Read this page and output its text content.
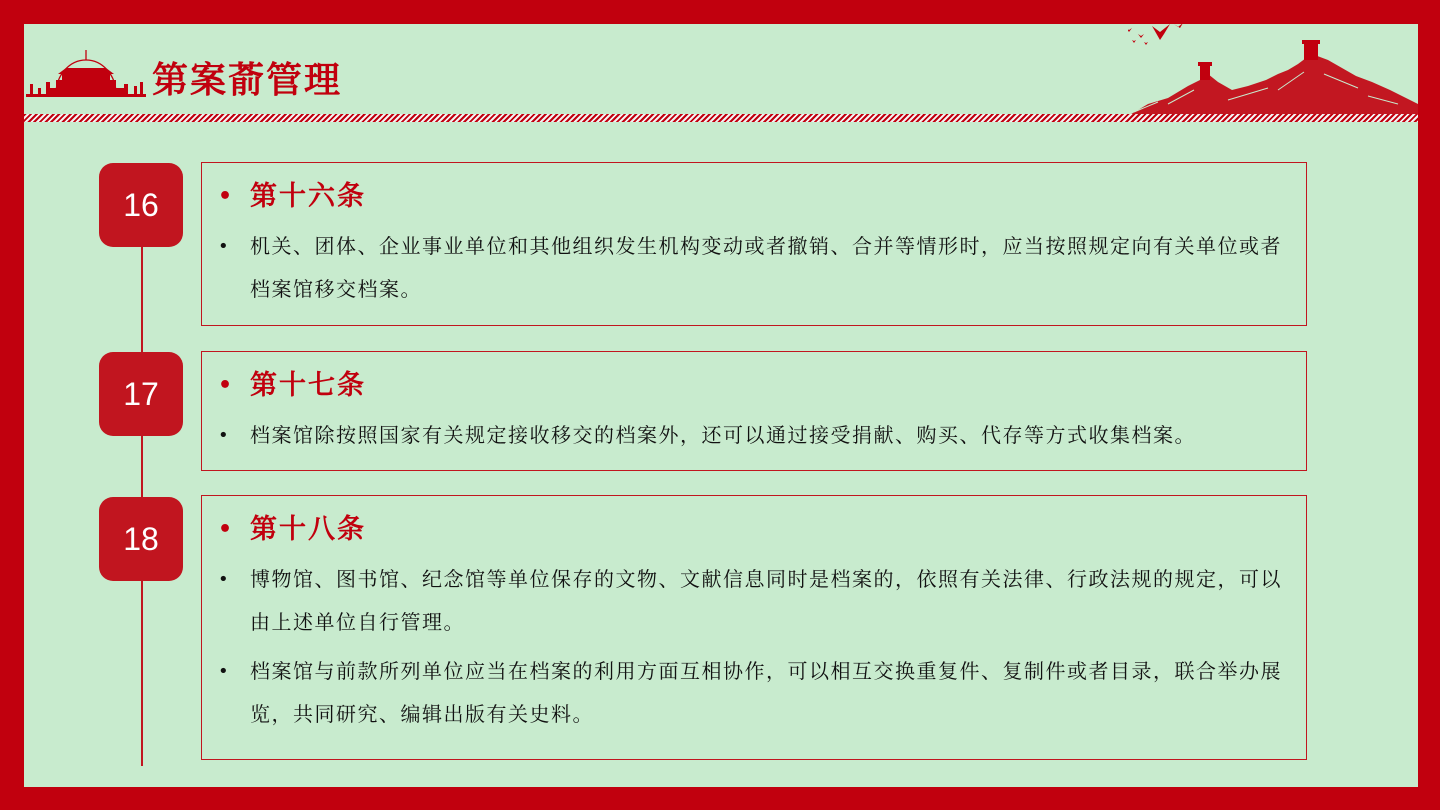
第案萮管理
16	• 第十六条
• 机关、团体、企业事业单位和其他组织发生机构变动或者撤销、合并等情形时，应当按照规定向有关单位或者档案馆移交档案。
17	• 第十七条
• 档案馆除按照国家有关规定接收移交的档案外，还可以通过接受捐献、购买、代存等方式收集档案。
18	• 第十八条
• 博物馆、图书馆、纪念馆等单位保存的文物、文献信息同时是档案的，依照有关法律、行政法规的规定，可以由上述单位自行管理。
• 档案馆与前款所列单位应当在档案的利用方面互相协作，可以相互交换重复件、复制件或者目录，联合举办展览，共同研究、编辑出版有关史料。
